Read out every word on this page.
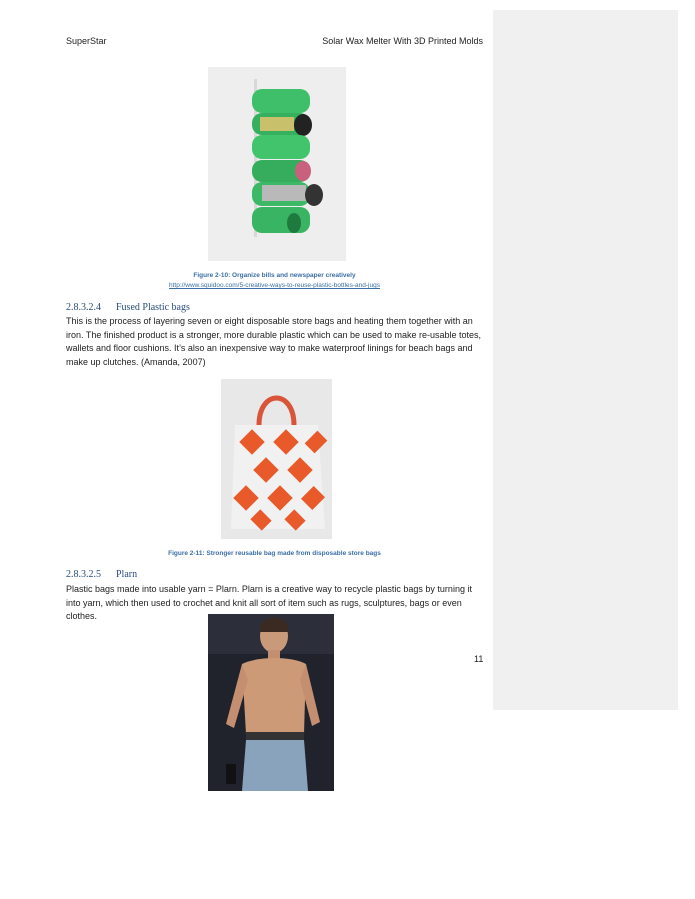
SuperStar	Solar Wax Melter With 3D Printed Molds
Figure 2-10: Organize bills and newspaper creatively
http://www.squidoo.com/5-creative-ways-to-reuse-plastic-bottles-and-jugs
2.8.3.2.4 Fused Plastic bags
This is the process of layering seven or eight disposable store bags and heating them together with an
iron. The finished product is a stronger, more durable plastic which can be used to make re-usable totes,
wallets and floor cushions. It’s also an inexpensive way to make waterproof linings for beach bags and
make up clutches. (Amanda, 2007)
Figure 2-11: Stronger reusable bag made from disposable store bags
2.8.3.2.5 Plarn
Plastic bags made into usable yarn = Plarn. Plarn is a creative way to recycle plastic bags by turning it
into yarn, which then used to crochet and knit all sort of item such as rugs, sculptures, bags or even
clothes.
11
